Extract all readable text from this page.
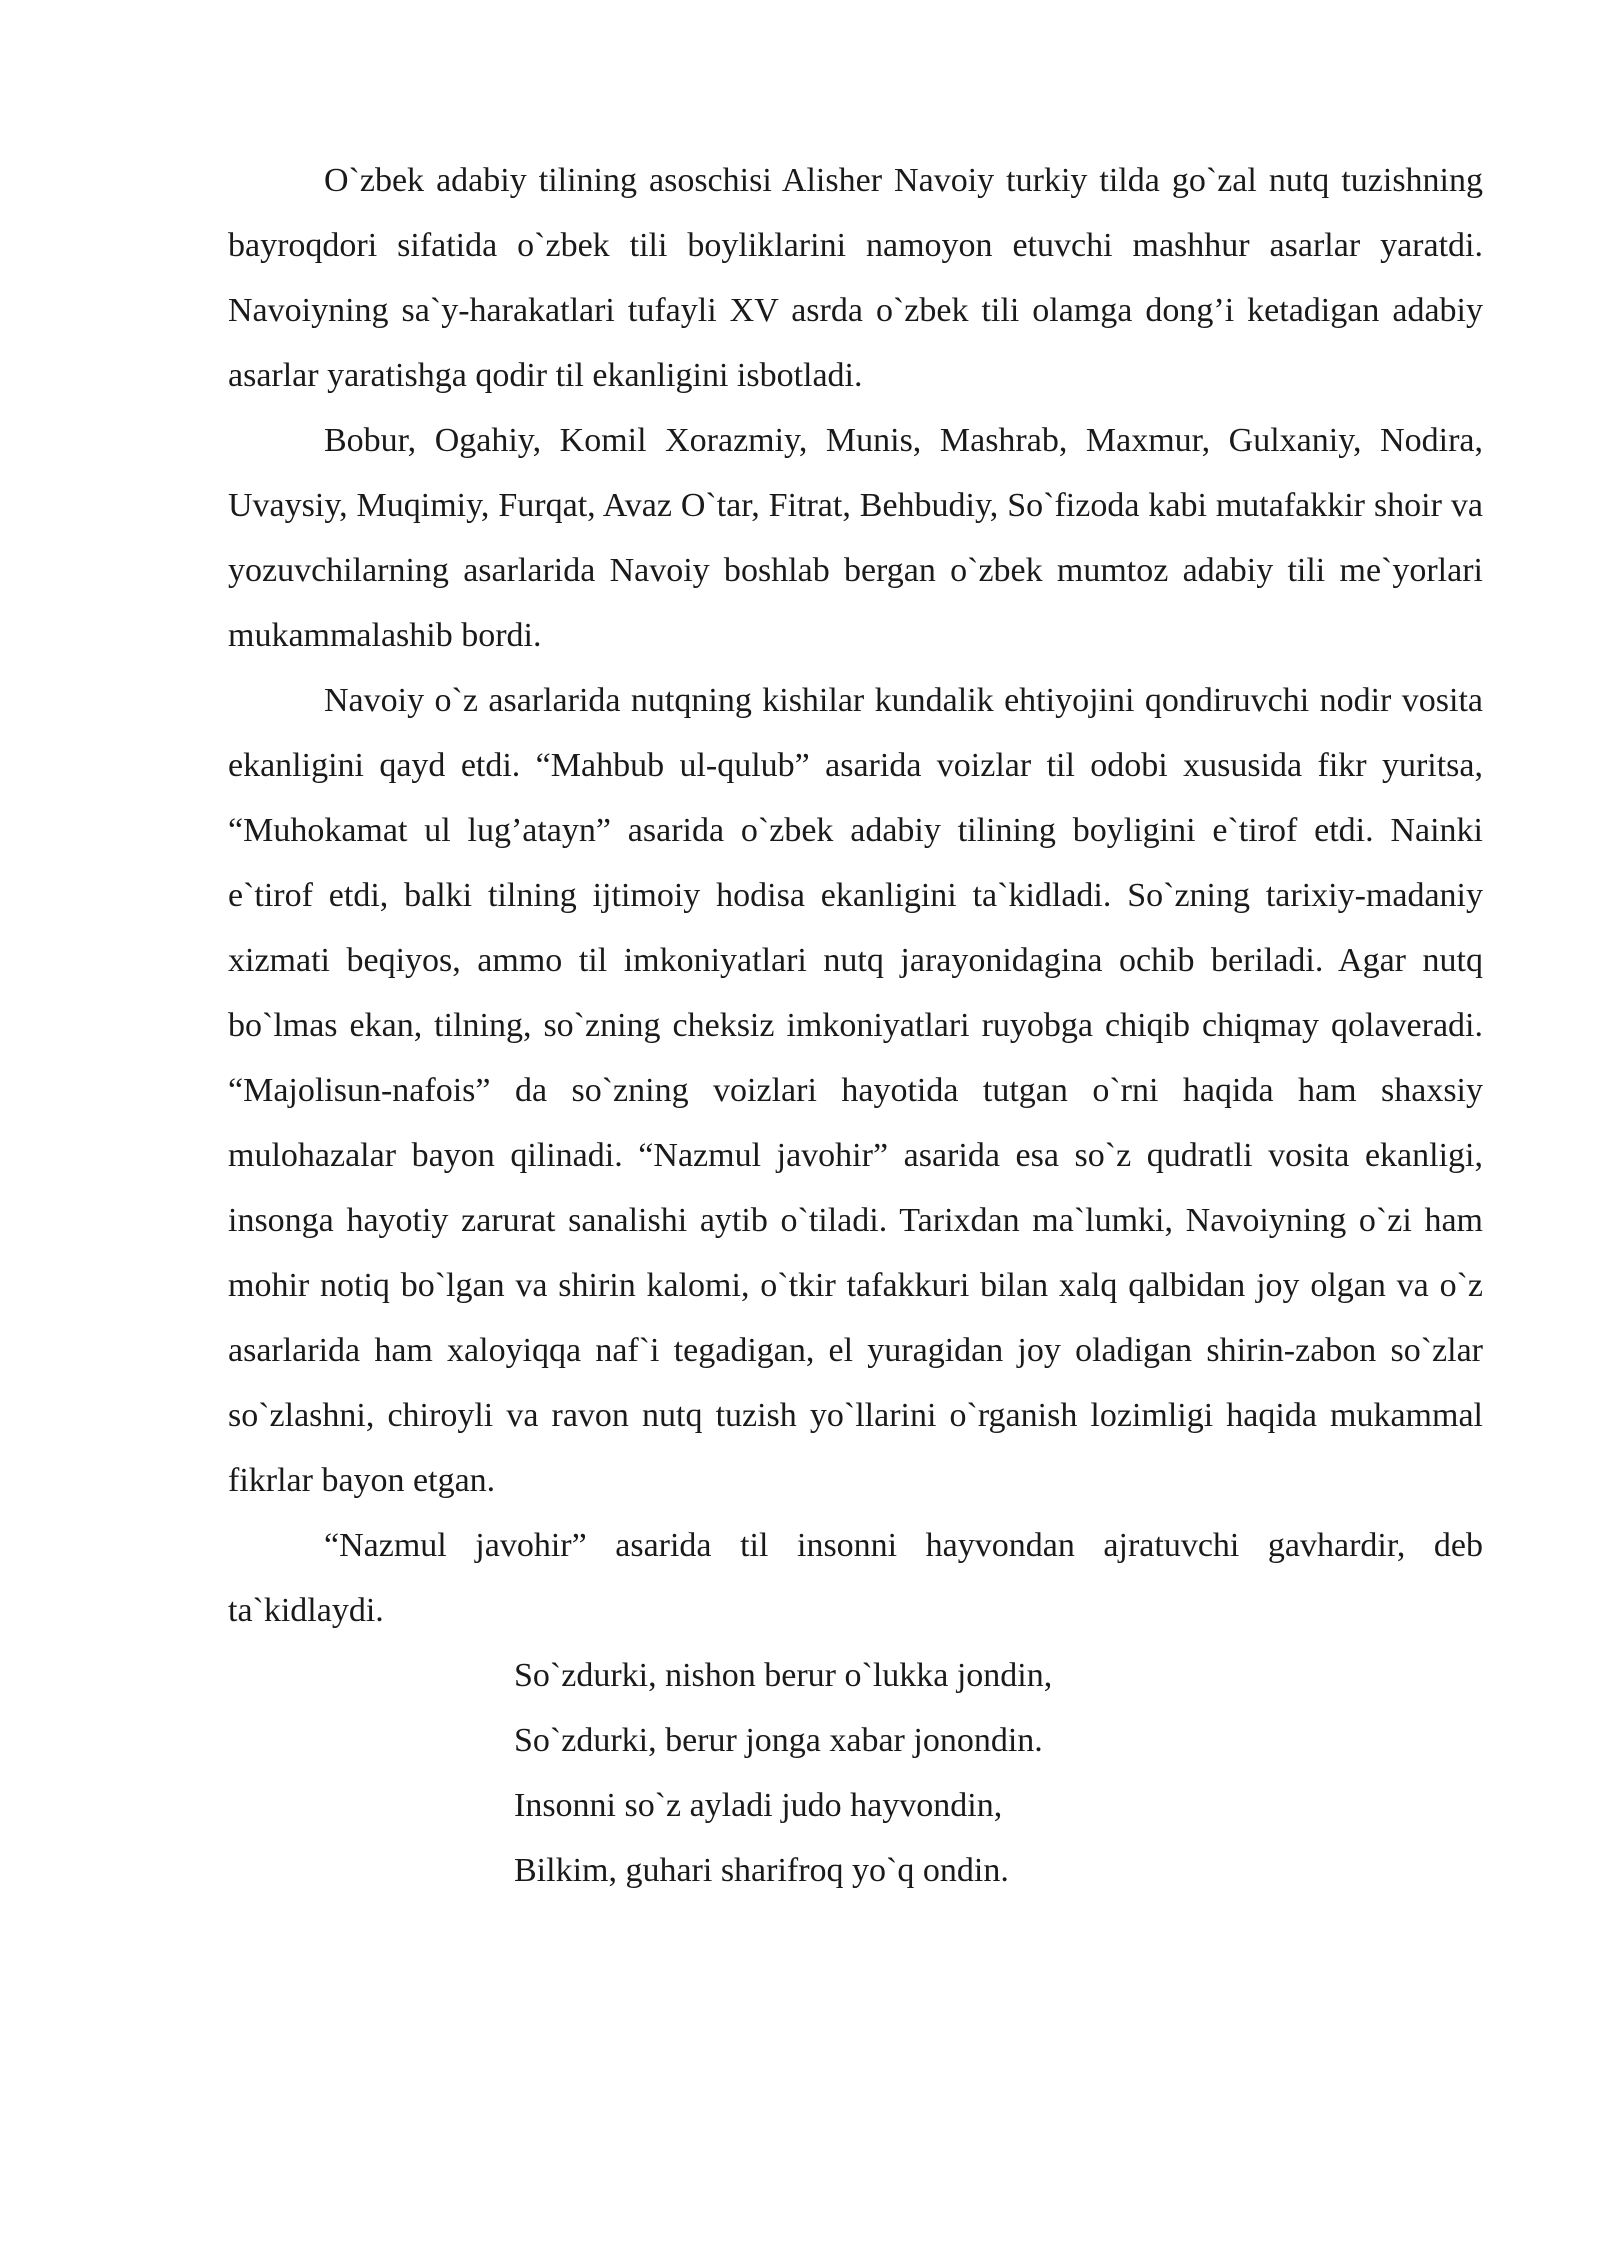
O`zbek adabiy tilining asoschisi Alisher Navoiy turkiy tilda go`zal nutq tuzishning bayroqdori sifatida o`zbek tili boyliklarini namoyon etuvchi mashhur asarlar yaratdi. Navoiyning sa`y-harakatlari tufayli XV asrda o`zbek tili olamga dong’i ketadigan adabiy asarlar yaratishga qodir til ekanligini isbotladi.

Bobur, Ogahiy, Komil Xorazmiy, Munis, Mashrab, Maxmur, Gulxaniy, Nodira, Uvaysiy, Muqimiy, Furqat, Avaz O`tar, Fitrat, Behbudiy, So`fizoda kabi mutafakkir shoir va yozuvchilarning asarlarida Navoiy boshlab bergan o`zbek mumtoz adabiy tili me`yorlari mukammalashib bordi.

Navoiy o`z asarlarida nutqning kishilar kundalik ehtiyojini qondiruvchi nodir vosita ekanligini qayd etdi. “Mahbub ul-qulub” asarida voizlar til odobi xususida fikr yuritsa, “Muhokamat ul lug’atayn” asarida o`zbek adabiy tilining boyligini e`tirof etdi. Nainki e`tirof etdi, balki tilning ijtimoiy hodisa ekanligini ta`kidladi. So`zning tarixiy-madaniy xizmati beqiyos, ammo til imkoniyatlari nutq jarayonidagina ochib beriladi. Agar nutq bo`lmas ekan, tilning, so`zning cheksiz imkoniyatlari ruyobga chiqib chiqmay qolaveradi. “Majolisun-nafois” da so`zning voizlari hayotida tutgan o`rni haqida ham shaxsiy mulohazalar bayon qilinadi. “Nazmul javohir” asarida esa so`z qudratli vosita ekanligi, insonga hayotiy zarurat sanalishi aytib o`tiladi. Tarixdan ma`lumki, Navoiyning o`zi ham mohir notiq bo`lgan va shirin kalomi, o`tkir tafakkuri bilan xalq qalbidan joy olgan va o`z asarlarida ham xaloyiqqa naf`i tegadigan, el yuragidan joy oladigan shirin-zabon so`zlar so`zlashni, chiroyli va ravon nutq tuzish yo`llarini o`rganish lozimligi haqida mukammal fikrlar bayon etgan.

“Nazmul javohir” asarida til insonni hayvondan ajratuvchi gavhardir, deb ta`kidlaydi.

So`zdurki, nishon berur o`lukka jondin,
So`zdurki, berur jonga xabar jonondin.
Insonni so`z ayladi judo hayvondin,
Bilkim, guhari sharifroq yo`q ondin.
